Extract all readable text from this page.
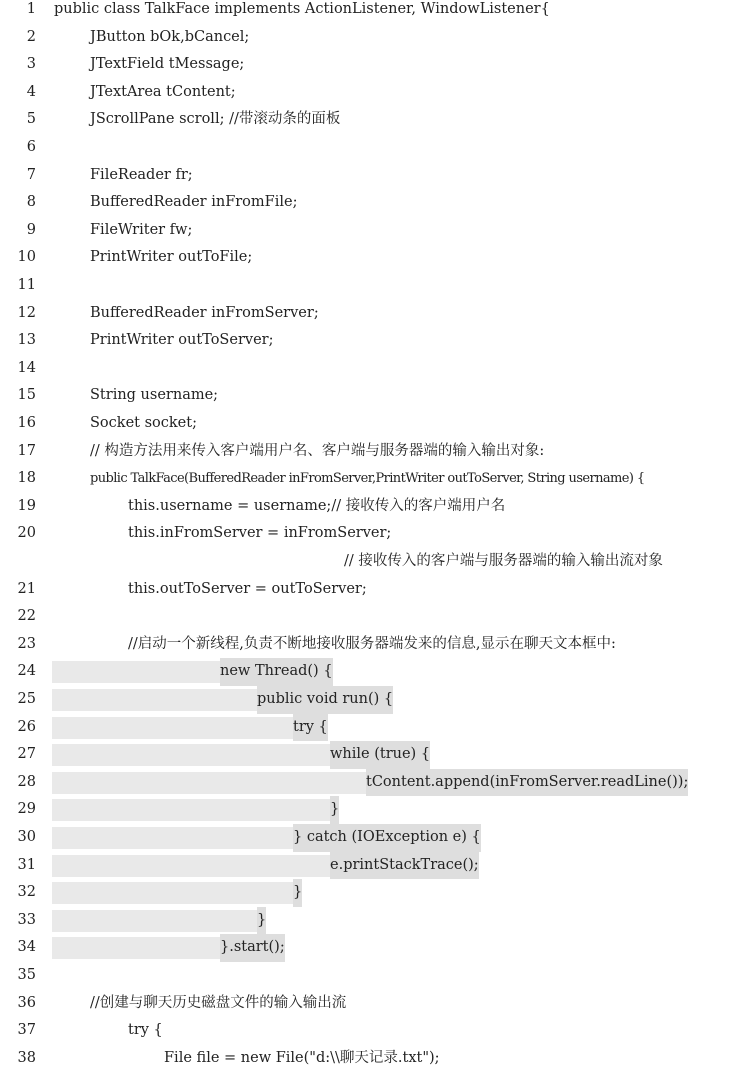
1 public class TalkFace implements ActionListener, WindowListener{
2	JButton bOk,bCancel;
3	JTextField tMessage;
4	JTextArea tContent;
5	JScrollPane scroll; //带滚动条的面板
6
7	FileReader fr;
8	BufferedReader inFromFile;
9	FileWriter fw;
10	PrintWriter outToFile;
11
12	BufferedReader inFromServer;
13	PrintWriter outToServer;
14
15	String username;
16	Socket socket;
17	// 构造方法用来传入客户端用户名、客户端与服务器端的输入输出对象:
18	public TalkFace(BufferedReader inFromServer,PrintWriter outToServer, String username) {
19	this.username = username;// 接收传入的客户端用户名
20	this.inFromServer = inFromServer;
// 接收传入的客户端与服务器端的输入输出流对象
21	this.outToServer = outToServer;
22
23	//启动一个新线程,负责不断地接收服务器端发来的信息,显示在聊天文本框中:
24	new Thread() {
25	public void run() {
26	try {
27	while (true) {
28	tContent.append(inFromServer.readLine());
29	}
30	} catch (IOException e) {
31	e.printStackTrace();
32	}
33	}
34	}.start();
35
36	//创建与聊天历史磁盘文件的输入输出流
37	try {
38	File file = new File("d:\\聊天记录.txt");
